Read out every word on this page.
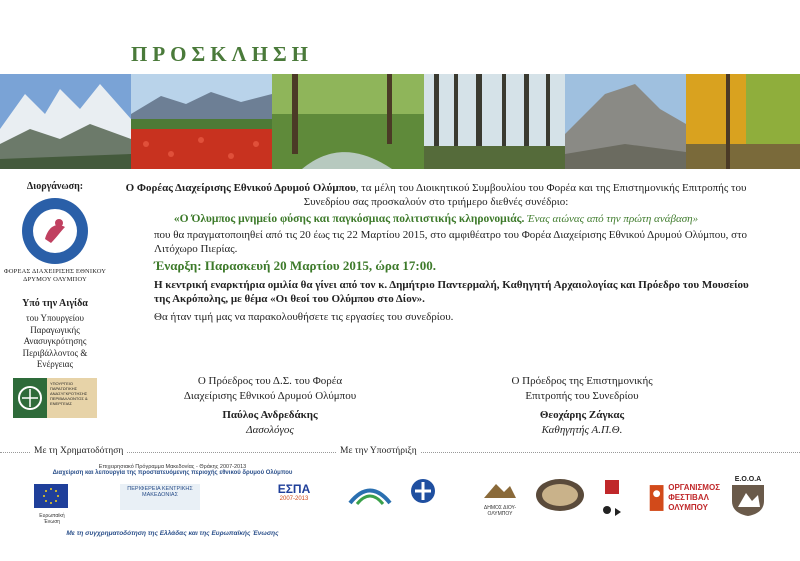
ΠΡΟΣΚΛΗΣΗ
Διοργάνωση:
ΦΟΡΕΑΣ ΔΙΑΧΕΙΡΙΣΗΣ ΕΘΝΙΚΟΥ ΔΡΥΜΟΥ ΟΛΥΜΠΟΥ
Υπό την Αιγίδα
του Υπουργείου Παραγωγικής Ανασυγκρότησης Περιβάλλοντος & Ενέργειας
ΥΠΟΥΡΓΕΙΟ ΠΑΡΑΓΩΓΙΚΗΣ ΑΝΑΣΥΓΚΡΟΤΗΣΗΣ ΠΕΡΙΒΑΛΛΟΝΤΟΣ & ΕΝΕΡΓΕΙΑΣ

Ο Φορέας Διαχείρισης Εθνικού Δρυμού Ολύμπου, τα μέλη του Διοικητικού Συμβουλίου του Φορέα και της Επιστημονικής Επιτροπής του Συνεδρίου σας προσκαλούν στο τριήμερο διεθνές συνέδριο:

«Ο Όλυμπος μνημείο φύσης και παγκόσμιας πολιτιστικής κληρονομιάς. Ένας αιώνας από την πρώτη ανάβαση»

που θα πραγματοποιηθεί από τις 20 έως τις 22 Μαρτίου 2015, στο αμφιθέατρο του Φορέα Διαχείρισης Εθνικού Δρυμού Ολύμπου, στο Λιτόχωρο Πιερίας.

Έναρξη: Παρασκευή 20 Μαρτίου 2015, ώρα 17:00.

Η κεντρική εναρκτήρια ομιλία θα γίνει από τον κ. Δημήτριο Παντερμαλή, Καθηγητή Αρχαιολογίας και Πρόεδρο του Μουσείου της Ακρόπολης, με θέμα «Οι θεοί του Ολύμπου στο Δίον».

Θα ήταν τιμή μας να παρακολουθήσετε τις εργασίες του συνεδρίου.

Ο Πρόεδρος του Δ.Σ. του Φορέα
Διαχείρισης Εθνικού Δρυμού Ολύμπου
Παύλος Ανδρεδάκης
Δασολόγος
Ο Πρόεδρος της Επιστημονικής
Επιτροπής του Συνεδρίου
Θεοχάρης Ζάγκας
Καθηγητής Α.Π.Θ.
Με τη Χρηματοδότηση	Με την Υποστήριξη
Επιχειρησιακό Πρόγραμμα Μακεδονίας - Θράκης 2007-2013
Διαχείριση και λειτουργία της προστατευόμενης περιοχής εθνικού δρυμού Ολύμπου
Ευρωπαϊκή Ένωση
ΠΕΡΙΦΕΡΕΙΑ ΚΕΝΤΡΙΚΗΣ ΜΑΚΕΔΟΝΙΑΣ	ΕΣΠΑ
2007-2013
Με τη συγχρηματοδότηση της Ελλάδας και της Ευρωπαϊκής Ένωσης
ΔΗΜΟΣ ΔΙΟΥ-ΟΛΥΜΠΟΥ
ΟΡΓΑΝΙΣΜΟΣ
ΦΕΣΤΙΒΑΛ
ΟΛΥΜΠΟΥ
Ε.Ο.Ο.Α
